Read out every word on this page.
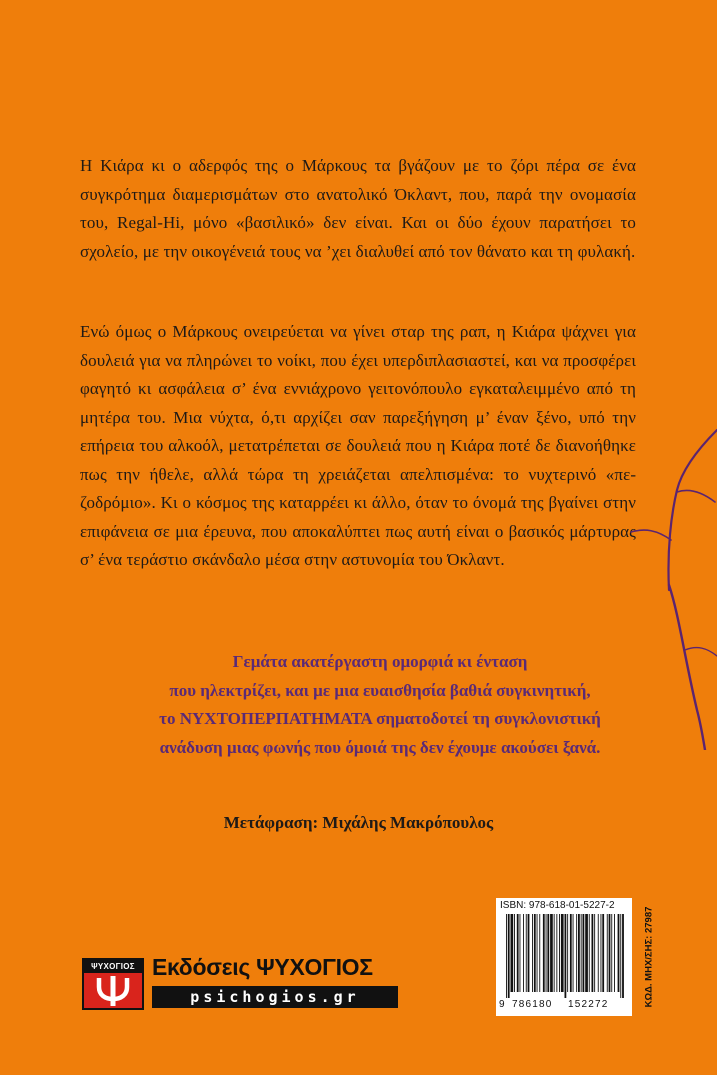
Η Κιάρα κι ο αδερφός της ο Μάρκους τα βγάζουν με το ζόρι πέρα σε ένα συγκρότημα διαμερισμάτων στο ανατολικό Όκλαντ, που, παρά την ονομασία του, Regal-Hi, μόνο «βασιλικό» δεν είναι. Και οι δύο έχουν παρατήσει το σχολείο, με την οικογένειά τους να ’χει διαλυθεί από τον θάνατο και τη φυλακή.

Ενώ όμως ο Μάρκους ονειρεύεται να γίνει σταρ της ραπ, η Κιάρα ψάχνει για δουλειά για να πληρώνει το νοίκι, που έχει υπερδιπλασιαστεί, και να προσφέρει φαγητό κι ασφάλεια σ’ ένα εννιάχρονο γειτονόπουλο εγκαταλειμμένο από τη μητέρα του. Μια νύχτα, ό,τι αρχίζει σαν παρεξήγηση μ’ έναν ξένο, υπό την επήρεια του αλκοόλ, μετατρέπεται σε δουλειά που η Κιάρα ποτέ δε διανοήθηκε πως την ήθελε, αλλά τώρα τη χρειάζεται απελπισμένα: το νυχτερινό «πεζοδρόμιο». Κι ο κόσμος της καταρρέει κι άλλο, όταν το όνομά της βγαίνει στην επιφάνεια σε μια έρευνα, που αποκαλύπτει πως αυτή είναι ο βασικός μάρτυρας σ’ ένα τεράστιο σκάνδαλο μέσα στην αστυνομία του Όκλαντ.

Γεμάτα ακατέργαστη ομορφιά κι ένταση
που ηλεκτρίζει, και με μια ευαισθησία βαθιά συγκινητική,
το ΝΥΧΤΟΠΕΡΠΑΤΗΜΑΤΑ σηματοδοτεί τη συγκλονιστική
ανάδυση μιας φωνής που όμοιά της δεν έχουμε ακούσει ξανά.
Μετάφραση: Μιχάλης Μακρόπουλος
ΨΥΧΟΓΙΟΣ Εκδόσεις ΨΥΧΟΓΙΟΣ
psichogios.gr
ISBN: 978-618-01-5227-2
9 786180 152272	ΚΩΔ. ΜΗΧ/ΣΗΣ: 27987
